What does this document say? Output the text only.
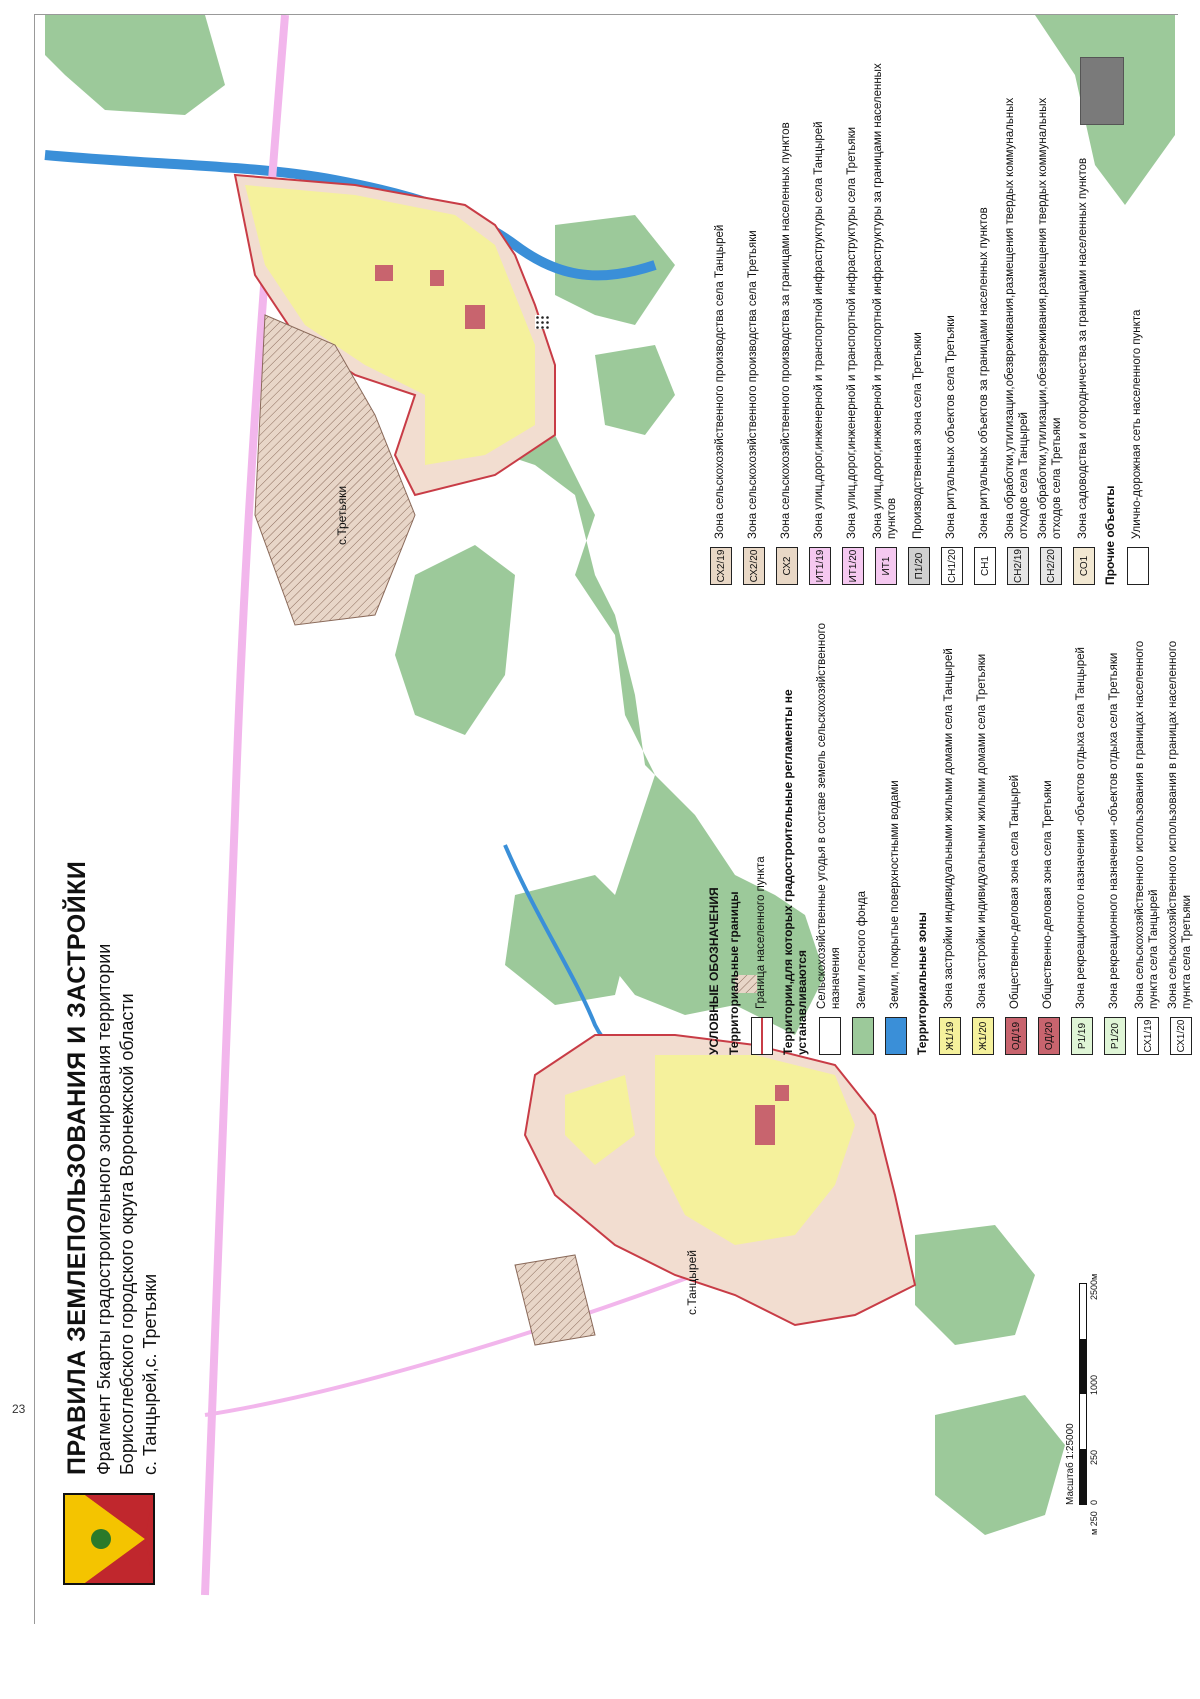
23 ПРАВИЛА ЗЕМЛЕПОЛЬЗОВАНИЯ И ЗАСТРОЙКИ Фрагмент 5карты градостроительного зонирования территории Борисоглебского городского округа Воронежской области с. Танцырей,с. Третьяки
с.Третьяки
с.Танцырей
Масштаб 1:25000
м 250
0
250
1000
2500м
УСЛОВНЫЕ ОБОЗНАЧЕНИЯ Территориальные границы Граница населенного пункта Территории,для которых градостроительные регламенты не устанавливаются Сельскохозяйственные угодья в составе земель сельскохозяйственного назначения Земли лесного фонда Земли, покрытые поверхностными водами Территориальные зоны	Ж1/19
Зона застройки индивидуальными жилыми домами села Танцырей
Ж1/20
Зона застройки индивидуальными жилыми домами села Третьяки
ОД/19
Общественно-деловая зона села Танцырей
ОД/20
Общественно-деловая зона села Третьяки
Р1/19
Зона рекреационного назначения -объектов отдыха села Танцырей
Р1/20
Зона рекреационного назначения -объектов отдыха села Третьяки
СХ1/19
Зона сельскохозяйственного использования в границах населенного пункта села Танцырей
СХ1/20
Зона сельскохозяйственного использования в границах населенного пункта села Третьяки
СХ2/19
Зона сельскохозяйственного производства села Танцырей
СХ2/20
Зона сельскохозяйственного производства села Третьяки
СХ2
Зона сельскохозяйственного производства за границами населенных пунктов
ИТ1/19
Зона улиц,дорог,инженерной и транспортной инфраструктуры села Танцырей
ИТ1/20
Зона улиц,дорог,инженерной и транспортной инфраструктуры села Третьяки
ИТ1
Зона улиц,дорог,инженерной и транспортной инфраструктуры за границами населенных пунктов
П1/20
Производственная зона села Третьяки
СН1/20
Зона ритуальных объектов села Третьяки
СН1
Зона ритуальных объектов за границами населенных пунктов
СН2/19
Зона обработки,утилизации,обезвреживания,размещения твердых коммунальных отходов села Танцырей
СН2/20
Зона обработки,утилизации,обезвреживания,размещения твердых коммунальных отходов села Третьяки
СО1
Зона садоводства и огородничества за границами населенных пунктов Прочие объекты Улично-дорожная сеть населенного пункта
